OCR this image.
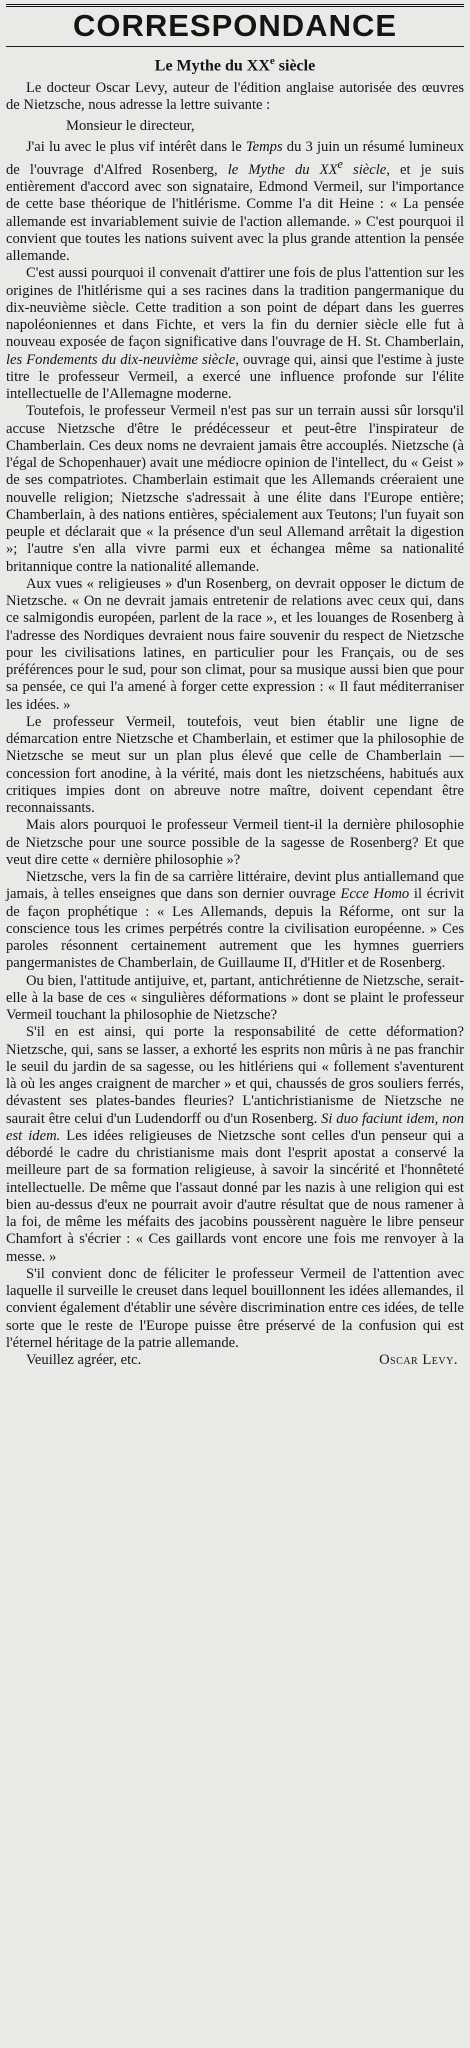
CORRESPONDANCE
Le Mythe du XXe siècle

Le docteur Oscar Levy, auteur de l'édition anglaise autorisée des œuvres de Nietzsche, nous adresse la lettre suivante :

Monsieur le directeur,

J'ai lu avec le plus vif intérêt dans le Temps du 3 juin un résumé lumineux de l'ouvrage d'Alfred Rosenberg, le Mythe du XXe siècle, et je suis entièrement d'accord avec son signataire, Edmond Vermeil, sur l'importance de cette base théorique de l'hitlérisme. Comme l'a dit Heine : « La pensée allemande est invariablement suivie de l'action allemande. » C'est pourquoi il convient que toutes les nations suivent avec la plus grande attention la pensée allemande.

C'est aussi pourquoi il convenait d'attirer une fois de plus l'attention sur les origines de l'hitlérisme qui a ses racines dans la tradition pangermanique du dix-neuvième siècle. Cette tradition a son point de départ dans les guerres napoléoniennes et dans Fichte, et vers la fin du dernier siècle elle fut à nouveau exposée de façon significative dans l'ouvrage de H. St. Chamberlain, les Fondements du dix-neuvième siècle, ouvrage qui, ainsi que l'estime à juste titre le professeur Vermeil, a exercé une influence profonde sur l'élite intellectuelle de l'Allemagne moderne.

Toutefois, le professeur Vermeil n'est pas sur un terrain aussi sûr lorsqu'il accuse Nietzsche d'être le prédécesseur et peut-être l'inspirateur de Chamberlain. Ces deux noms ne devraient jamais être accouplés. Nietzsche (à l'égal de Schopenhauer) avait une médiocre opinion de l'intellect, du « Geist » de ses compatriotes. Chamberlain estimait que les Allemands créeraient une nouvelle religion; Nietzsche s'adressait à une élite dans l'Europe entière; Chamberlain, à des nations entières, spécialement aux Teutons; l'un fuyait son peuple et déclarait que « la présence d'un seul Allemand arrêtait la digestion »; l'autre s'en alla vivre parmi eux et échangea même sa nationalité britannique contre la nationalité allemande.

Aux vues « religieuses » d'un Rosenberg, on devrait opposer le dictum de Nietzsche. « On ne devrait jamais entretenir de relations avec ceux qui, dans ce salmigondis européen, parlent de la race », et les louanges de Rosenberg à l'adresse des Nordiques devraient nous faire souvenir du respect de Nietzsche pour les civilisations latines, en particulier pour les Français, ou de ses préférences pour le sud, pour son climat, pour sa musique aussi bien que pour sa pensée, ce qui l'a amené à forger cette expression : « Il faut méditerraniser les idées. »

Le professeur Vermeil, toutefois, veut bien établir une ligne de démarcation entre Nietzsche et Chamberlain, et estimer que la philosophie de Nietzsche se meut sur un plan plus élevé que celle de Chamberlain — concession fort anodine, à la vérité, mais dont les nietzschéens, habitués aux critiques impies dont on abreuve notre maître, doivent cependant être reconnaissants.

Mais alors pourquoi le professeur Vermeil tient-il la dernière philosophie de Nietzsche pour une source possible de la sagesse de Rosenberg? Et que veut dire cette « dernière philosophie »?

Nietzsche, vers la fin de sa carrière littéraire, devint plus antiallemand que jamais, à telles enseignes que dans son dernier ouvrage Ecce Homo il écrivit de façon prophétique : « Les Allemands, depuis la Réforme, ont sur la conscience tous les crimes perpétrés contre la civilisation européenne. » Ces paroles résonnent certainement autrement que les hymnes guerriers pangermanistes de Chamberlain, de Guillaume II, d'Hitler et de Rosenberg.

Ou bien, l'attitude antijuive, et, partant, antichrétienne de Nietzsche, serait-elle à la base de ces « singulières déformations » dont se plaint le professeur Vermeil touchant la philosophie de Nietzsche?

S'il en est ainsi, qui porte la responsabilité de cette déformation? Nietzsche, qui, sans se lasser, a exhorté les esprits non mûris à ne pas franchir le seuil du jardin de sa sagesse, ou les hitlériens qui « follement s'aventurent là où les anges craignent de marcher » et qui, chaussés de gros souliers ferrés, dévastent ses plates-bandes fleuries? L'antichristianisme de Nietzsche ne saurait être celui d'un Ludendorff ou d'un Rosenberg. Si duo faciunt idem, non est idem. Les idées religieuses de Nietzsche sont celles d'un penseur qui a débordé le cadre du christianisme mais dont l'esprit apostat a conservé la meilleure part de sa formation religieuse, à savoir la sincérité et l'honnêteté intellectuelle. De même que l'assaut donné par les nazis à une religion qui est bien au-dessus d'eux ne pourrait avoir d'autre résultat que de nous ramener à la foi, de même les méfaits des jacobins poussèrent naguère le libre penseur Chamfort à s'écrier : « Ces gaillards vont encore une fois me renvoyer à la messe. »

S'il convient donc de féliciter le professeur Vermeil de l'attention avec laquelle il surveille le creuset dans lequel bouillonnent les idées allemandes, il convient également d'établir une sévère discrimination entre ces idées, de telle sorte que le reste de l'Europe puisse être préservé de la confusion qui est l'éternel héritage de la patrie allemande.

Veuillez agréer, etc.	Oscar Levy.
